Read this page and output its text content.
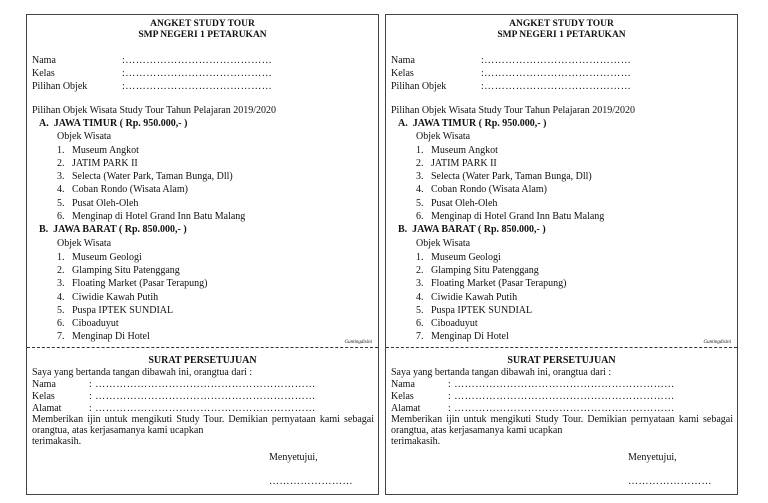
ANGKET STUDY TOUR
SMP NEGERI 1 PETARUKAN
Nama	:……………………………………
Kelas	:……………………………………
Pilihan Objek	:……………………………………
Pilihan Objek Wisata Study Tour Tahun Pelajaran 2019/2020
A. JAWA TIMUR ( Rp. 950.000,- )
Objek Wisata
1. Museum Angkot
2. JATIM PARK II
3. Selecta (Water Park, Taman Bunga, Dll)
4. Coban Rondo (Wisata Alam)
5. Pusat Oleh-Oleh
6. Menginap di Hotel Grand Inn Batu Malang
B. JAWA BARAT ( Rp. 850.000,- )
Objek Wisata
1. Museum Geologi
2. Glamping Situ Patenggang
3. Floating Market (Pasar Terapung)
4. Ciwidie Kawah Putih
5. Puspa IPTEK SUNDIAL
6. Ciboaduyut
7. Menginap Di Hotel
Guntingdisini
SURAT PERSETUJUAN
Saya yang bertanda tangan dibawah ini, orangtua dari :
Nama	: ………………………………………………………
Kelas	: ………………………………………………………
Alamat	: ………………………………………………………
Memberikan ijin untuk mengikuti Study Tour. Demikian pernyataan kami sebagai orangtua, atas kerjasamanya kami ucapkan
terimakasih.
Menyetujui,
……………………
ANGKET STUDY TOUR
SMP NEGERI 1 PETARUKAN
Nama	:……………………………………
Kelas	:……………………………………
Pilihan Objek	:……………………………………
Pilihan Objek Wisata Study Tour Tahun Pelajaran 2019/2020
A. JAWA TIMUR ( Rp. 950.000,- )
Objek Wisata
1. Museum Angkot
2. JATIM PARK II
3. Selecta (Water Park, Taman Bunga, Dll)
4. Coban Rondo (Wisata Alam)
5. Pusat Oleh-Oleh
6. Menginap di Hotel Grand Inn Batu Malang
B. JAWA BARAT ( Rp. 850.000,- )
Objek Wisata
1. Museum Geologi
2. Glamping Situ Patenggang
3. Floating Market (Pasar Terapung)
4. Ciwidie Kawah Putih
5. Puspa IPTEK SUNDIAL
6. Ciboaduyut
7. Menginap Di Hotel
Guntingdisini
SURAT PERSETUJUAN
Saya yang bertanda tangan dibawah ini, orangtua dari :
Nama	: ………………………………………………………
Kelas	: ………………………………………………………
Alamat	: ………………………………………………………
Memberikan ijin untuk mengikuti Study Tour. Demikian pernyataan kami sebagai orangtua, atas kerjasamanya kami ucapkan
terimakasih.
Menyetujui,
……………………
